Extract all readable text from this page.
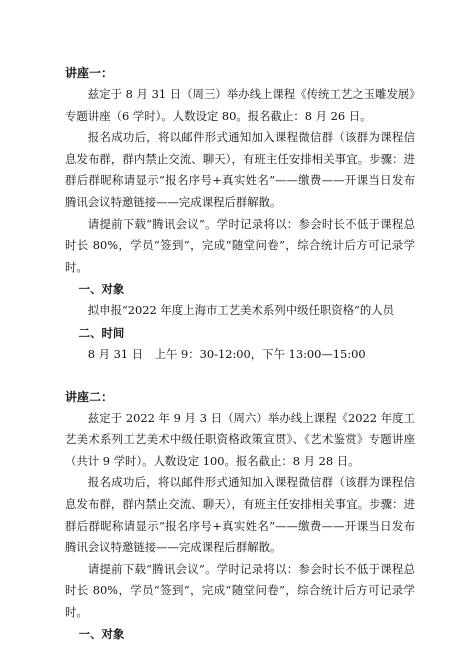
讲座一：

兹定于 8 月 31 日（周三）举办线上课程《传统工艺之玉雕发展》专题讲座（6 学时）。人数设定 80。报名截止：8 月 26 日。

报名成功后，将以邮件形式通知加入课程微信群（该群为课程信息发布群，群内禁止交流、聊天），有班主任安排相关事宜。步骤：进群后群昵称请显示“报名序号+真实姓名”——缴费——开课当日发布腾讯会议特邀链接——完成课程后群解散。

请提前下载“腾讯会议”。学时记录将以：参会时长不低于课程总时长 80%，学员“签到”，完成“随堂问卷”，综合统计后方可记录学时。

一、对象

拟申报“2022 年度上海市工艺美术系列中级任职资格”的人员

二、时间

8 月 31 日　上午 9：30-12:00，下午 13:00—15:00

讲座二：

兹定于 2022 年 9 月 3 日（周六）举办线上课程《2022 年度工艺美术系列工艺美术中级任职资格政策宣贯》、《艺术鉴赏》专题讲座（共计 9 学时）。人数设定 100。报名截止：8 月 28 日。

报名成功后，将以邮件形式通知加入课程微信群（该群为课程信息发布群，群内禁止交流、聊天），有班主任安排相关事宜。步骤：进群后群昵称请显示“报名序号+真实姓名”——缴费——开课当日发布腾讯会议特邀链接——完成课程后群解散。

请提前下载“腾讯会议”。学时记录将以：参会时长不低于课程总时长 80%，学员“签到”，完成“随堂问卷”，综合统计后方可记录学时。

一、对象
